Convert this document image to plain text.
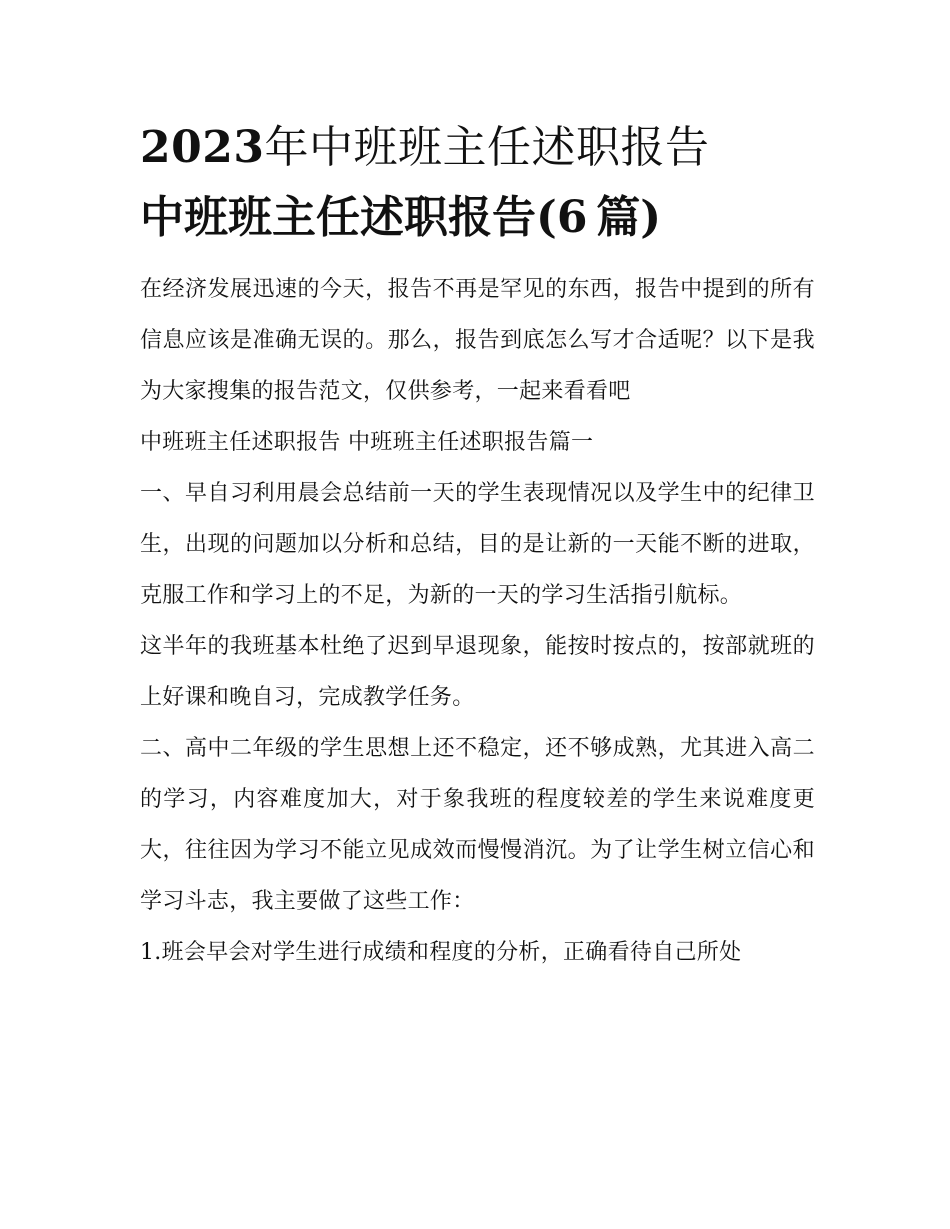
2023年中班班主任述职报告
中班班主任述职报告(6  篇)

在经济发展迅速的今天，报告不再是罕见的东西，报告中提到的所有信息应该是准确无误的。那么，报告到底怎么写才合适呢？以下是我为大家搜集的报告范文，仅供参考，一起来看看吧

中班班主任述职报告 中班班主任述职报告篇一

一、早自习利用晨会总结前一天的学生表现情况以及学生中的纪律卫生，出现的问题加以分析和总结，目的是让新的一天能不断的进取，克服工作和学习上的不足，为新的一天的学习生活指引航标。

这半年的我班基本杜绝了迟到早退现象，能按时按点的，按部就班的上好课和晚自习，完成教学任务。

二、高中二年级的学生思想上还不稳定，还不够成熟，尤其进入高二的学习，内容难度加大，对于象我班的程度较差的学生来说难度更大，往往因为学习不能立见成效而慢慢消沉。为了让学生树立信心和学习斗志，我主要做了这些工作：

1.班会早会对学生进行成绩和程度的分析，正确看待自己所处
